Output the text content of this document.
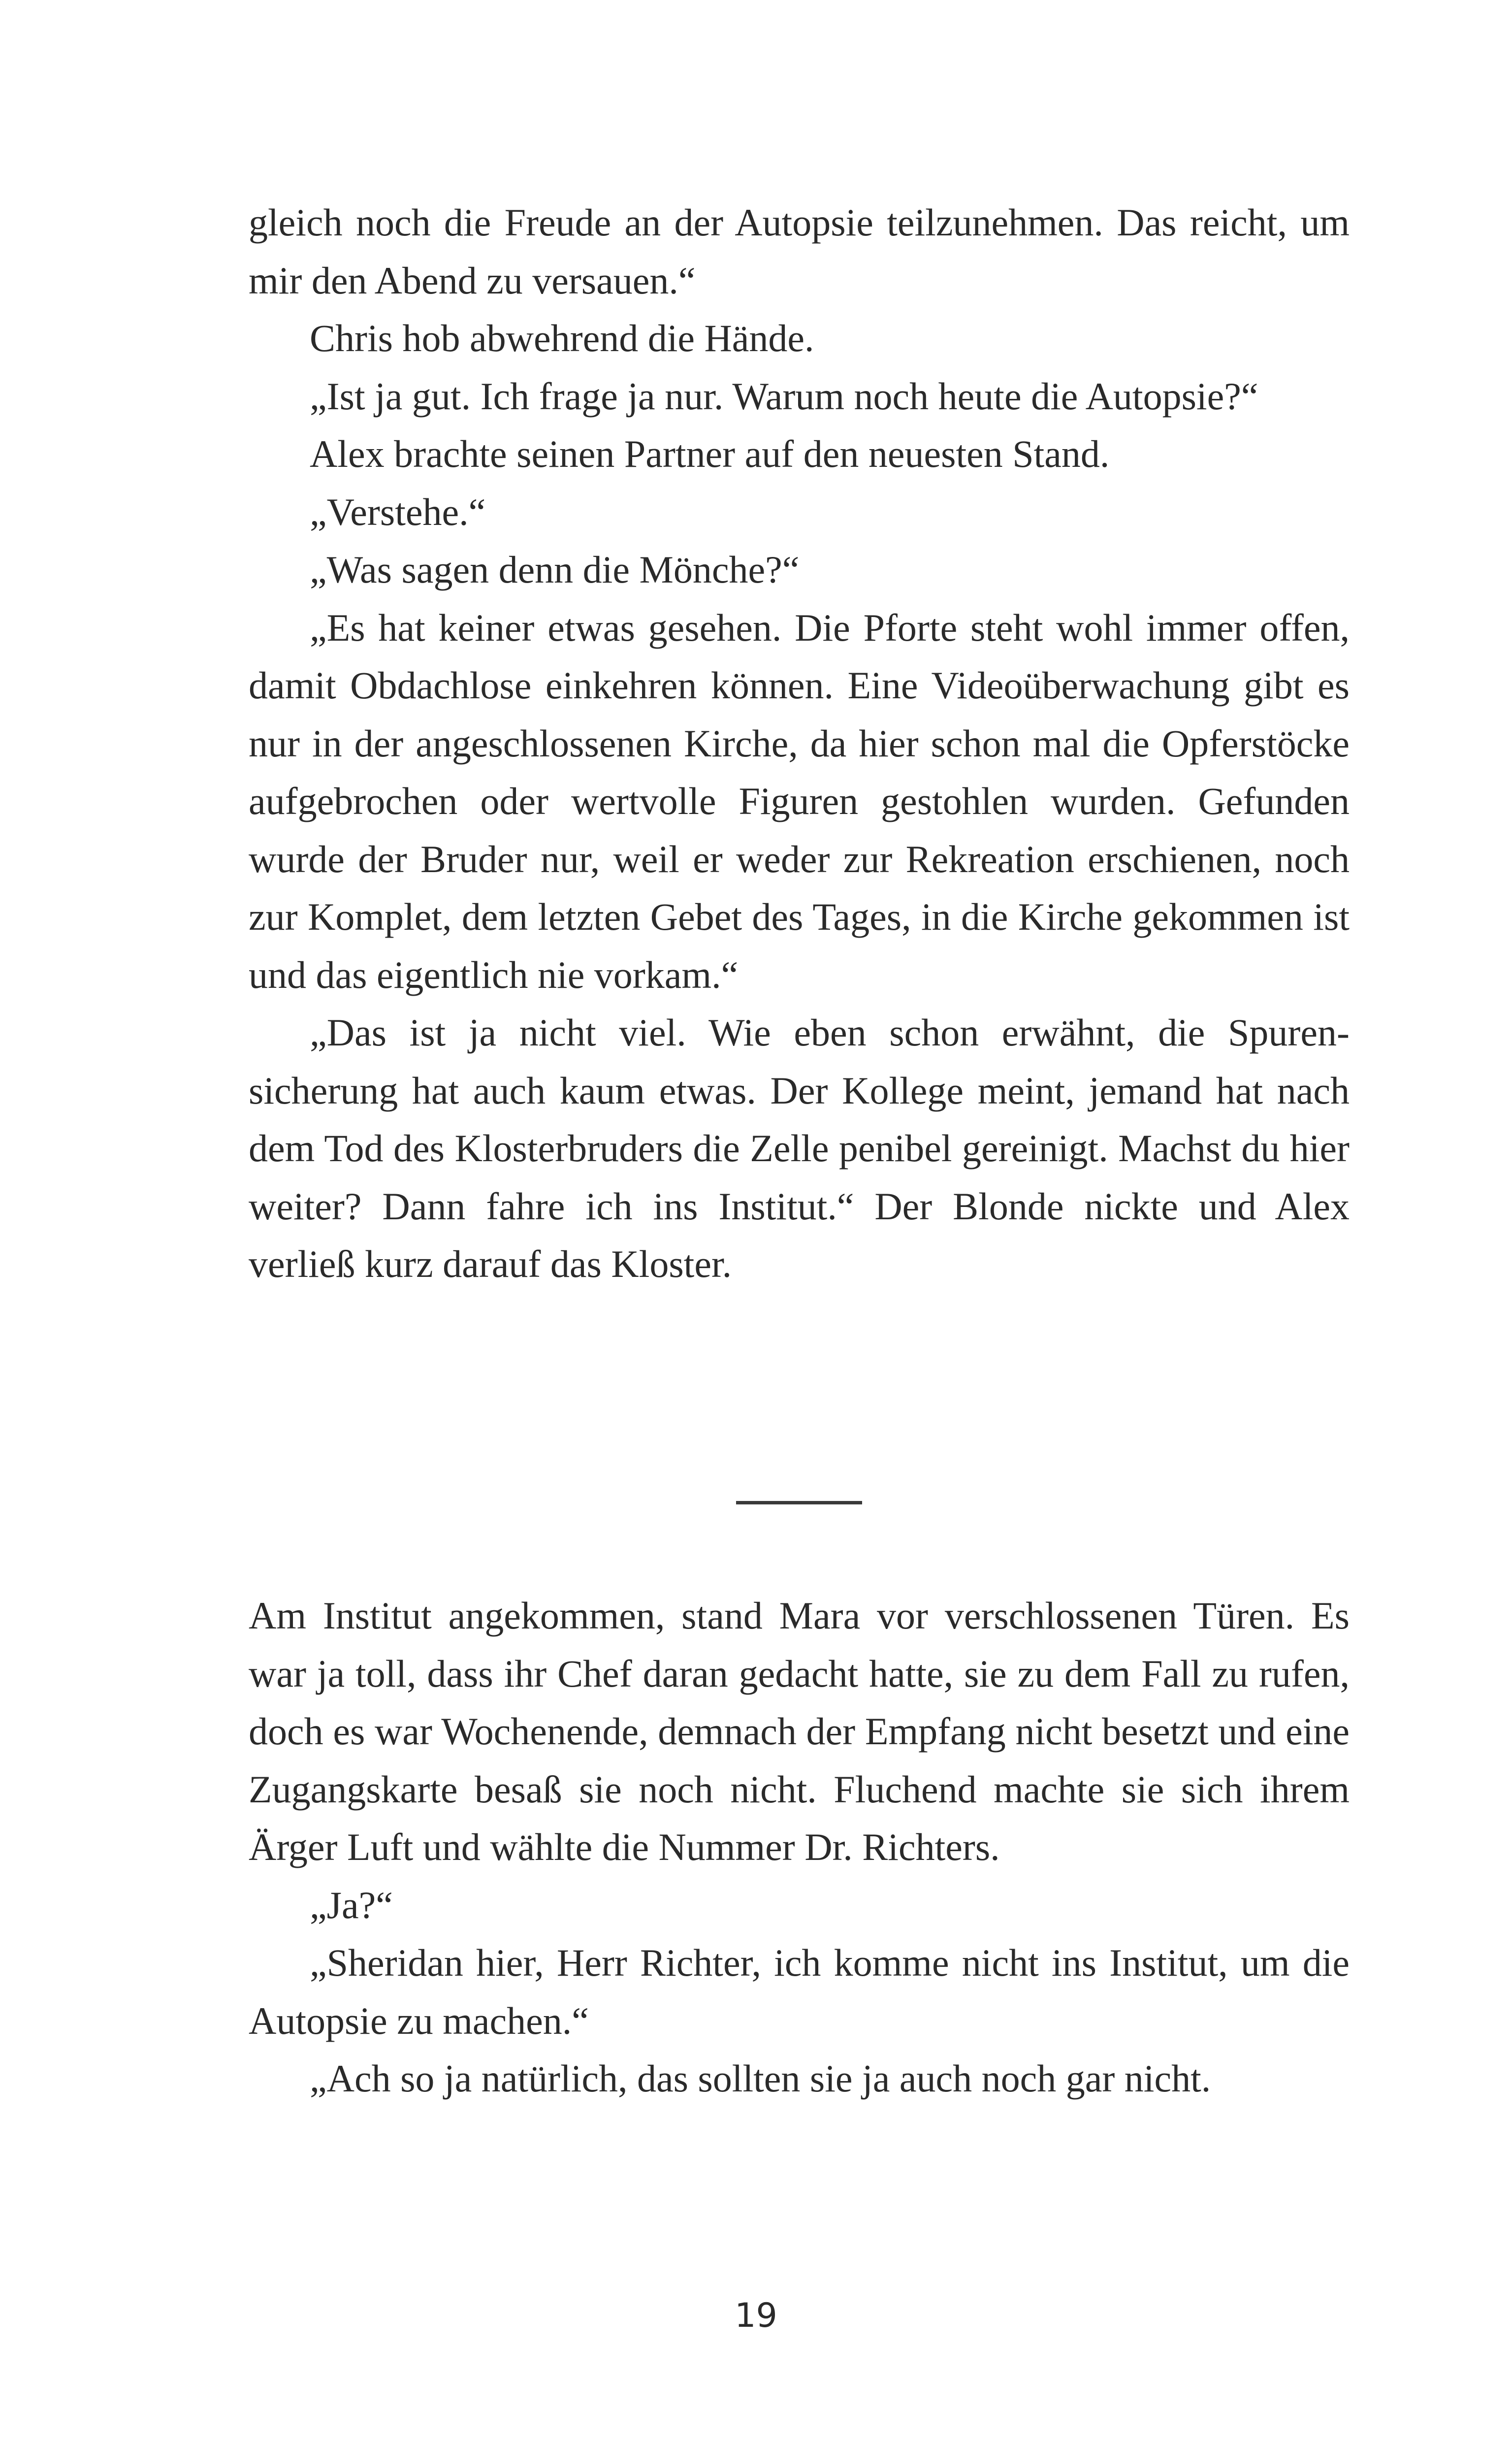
gleich noch die Freude an der Autopsie teilzunehmen. Das reicht, um mir den Abend zu versauen.“

Chris hob abwehrend die Hände.

„Ist ja gut. Ich frage ja nur. Warum noch heute die Autopsie?“

Alex brachte seinen Partner auf den neuesten Stand.

„Verstehe.“

„Was sagen denn die Mönche?“

„Es hat keiner etwas gesehen. Die Pforte steht wohl immer offen, damit Obdachlose einkehren können. Eine Videoüberwachung gibt es nur in der angeschlossenen Kirche, da hier schon mal die Opferstöcke aufgebrochen oder wertvolle Figuren gestohlen wurden. Gefunden wurde der Bruder nur, weil er weder zur Rekreation erschienen, noch zur Komplet, dem letzten Gebet des Tages, in die Kirche gekommen ist und das eigentlich nie vorkam.“

„Das ist ja nicht viel. Wie eben schon erwähnt, die Spurensicherung hat auch kaum etwas. Der Kollege meint, jemand hat nach dem Tod des Klosterbruders die Zelle penibel gereinigt. Machst du hier weiter? Dann fahre ich ins Institut.“ Der Blonde nickte und Alex verließ kurz darauf das Kloster.

Am Institut angekommen, stand Mara vor verschlossenen Türen. Es war ja toll, dass ihr Chef daran gedacht hatte, sie zu dem Fall zu rufen, doch es war Wochenende, demnach der Empfang nicht besetzt und eine Zugangskarte besaß sie noch nicht. Fluchend machte sie sich ihrem Ärger Luft und wählte die Nummer Dr. Richters.

„Ja?“

„Sheridan hier, Herr Richter, ich komme nicht ins Institut, um die Autopsie zu machen.“

„Ach so ja natürlich, das sollten sie ja auch noch gar nicht.

19
